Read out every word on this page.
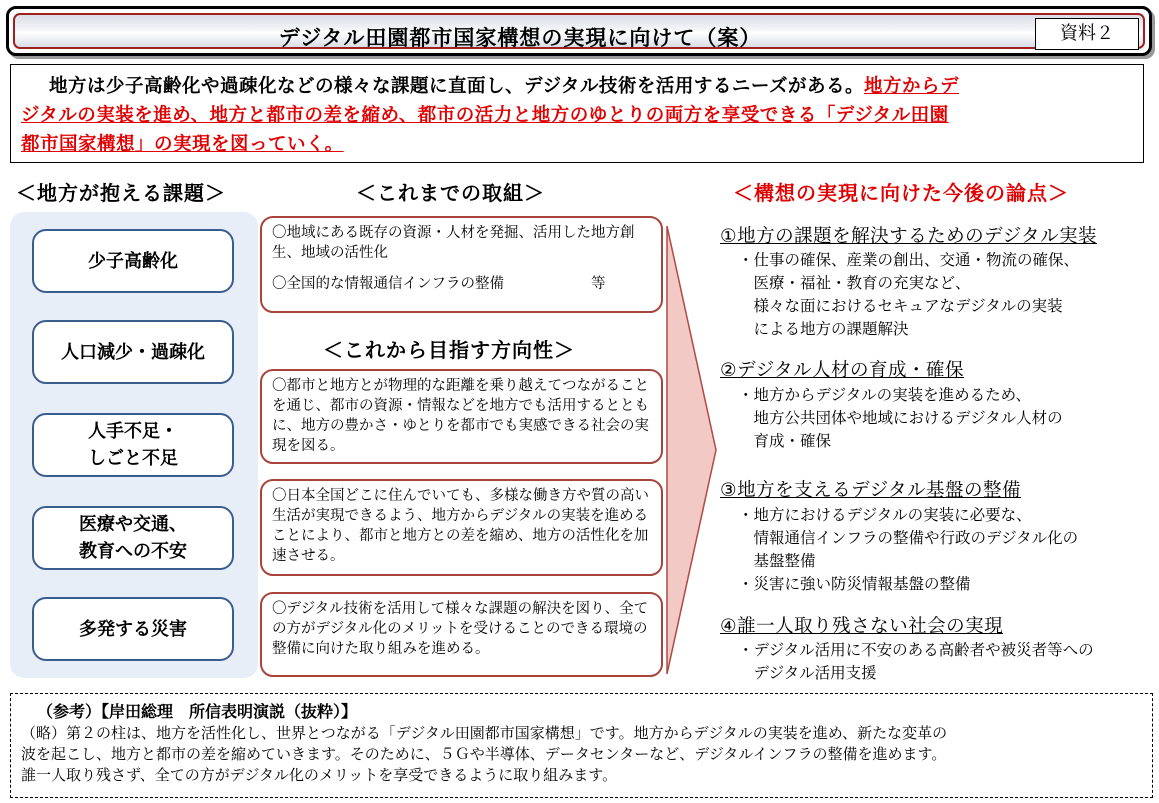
デジタル田園都市国家構想の実現に向けて（案）	資料２
地方は少子高齢化や過疎化などの様々な課題に直面し、デジタル技術を活用するニーズがある。地方からデ
ジタルの実装を進め、地方と都市の差を縮め、都市の活力と地方のゆとりの両方を享受できる「デジタル田園
都市国家構想」の実現を図っていく。
＜地方が抱える課題＞	＜これまでの取組＞	＜構想の実現に向けた今後の論点＞
少子高齢化
人口減少・過疎化
人手不足・
しごと不足
医療や交通、
教育への不安
多発する災害

〇地域にある既存の資源・人材を発掘、活用した地方創生、地域の活性化

〇全国的な情報通信インフラの整備　　　　　　等

＜これから目指す方向性＞

〇都市と地方とが物理的な距離を乗り越えてつながることを通じ、都市の資源・情報などを地方でも活用するとともに、地方の豊かさ・ゆとりを都市でも実感できる社会の実現を図る。

〇日本全国どこに住んでいても、多様な働き方や質の高い生活が実現できるよう、地方からデジタルの実装を進めることにより、都市と地方との差を縮め、地方の活性化を加速させる。

〇デジタル技術を活用して様々な課題の解決を図り、全ての方がデジタル化のメリットを受けることのできる環境の整備に向けた取り組みを進める。

①地方の課題を解決するためのデジタル実装
・仕事の確保、産業の創出、交通・物流の確保、
　医療・福祉・教育の充実など、
　様々な面におけるセキュアなデジタルの実装
　による地方の課題解決
②デジタル人材の育成・確保
・地方からデジタルの実装を進めるため、
　地方公共団体や地域におけるデジタル人材の
　育成・確保
③地方を支えるデジタル基盤の整備
・地方におけるデジタルの実装に必要な、
　情報通信インフラの整備や行政のデジタル化の
　基盤整備
・災害に強い防災情報基盤の整備
④誰一人取り残さない社会の実現
・デジタル活用に不安のある高齢者や被災者等への
　デジタル活用支援
（参考）【岸田総理　所信表明演説（抜粋）】
（略）第２の柱は、地方を活性化し、世界とつながる「デジタル田園都市国家構想」です。地方からデジタルの実装を進め、新たな変革の
波を起こし、地方と都市の差を縮めていきます。そのために、５Ｇや半導体、データセンターなど、デジタルインフラの整備を進めます。
誰一人取り残さず、全ての方がデジタル化のメリットを享受できるように取り組みます。
